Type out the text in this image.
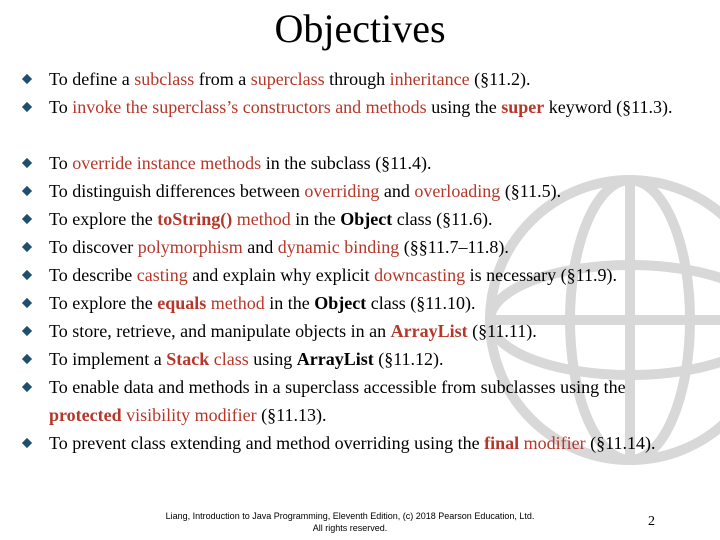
Objectives
To define a subclass from a superclass through inheritance (§11.2).
To invoke the superclass’s constructors and methods using the super keyword (§11.3).
To override instance methods in the subclass (§11.4).
To distinguish differences between overriding and overloading (§11.5).
To explore the toString() method in the Object class (§11.6).
To discover polymorphism and dynamic binding (§§11.7–11.8).
To describe casting and explain why explicit downcasting is necessary (§11.9).
To explore the equals method in the Object class (§11.10).
To store, retrieve, and manipulate objects in an ArrayList (§11.11).
To implement a Stack class using ArrayList (§11.12).
To enable data and methods in a superclass accessible from subclasses using the protected visibility modifier (§11.13).
To prevent class extending and method overriding using the final modifier (§11.14).
Liang, Introduction to Java Programming, Eleventh Edition, (c) 2018 Pearson Education, Ltd.
All rights reserved.	2
